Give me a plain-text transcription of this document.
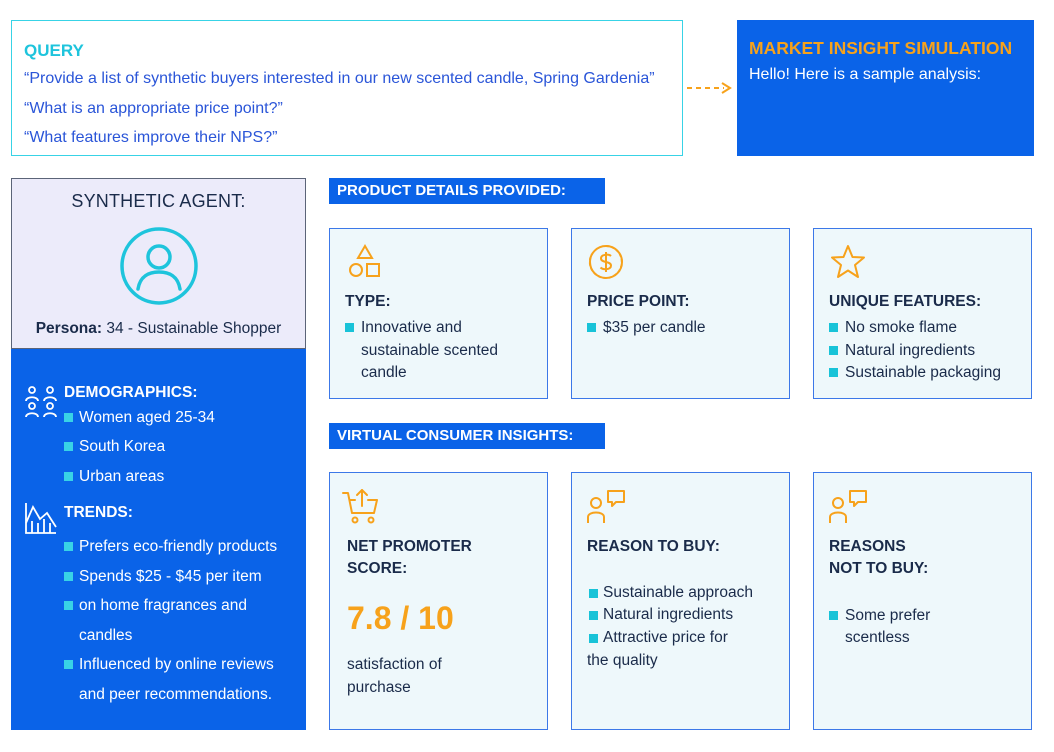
QUERY
“Provide a list of synthetic buyers interested in our new scented candle, Spring Gardenia”
“What is an appropriate price point?”
“What features improve their NPS?”
MARKET INSIGHT SIMULATION
Hello! Here is a sample analysis:
SYNTHETIC AGENT:
Persona: 34 - Sustainable Shopper
DEMOGRAPHICS:
Women aged 25-34
South Korea
Urban areas
TRENDS:
Prefers eco-friendly products
Spends $25 - $45 per item
on home fragrances and
candles
Influenced by online reviews
and peer recommendations.
PRODUCT DETAILS PROVIDED:
TYPE:
Innovative and
sustainable scented
candle
PRICE POINT:
$35 per candle
UNIQUE FEATURES:
No smoke flame
Natural ingredients
Sustainable packaging
VIRTUAL CONSUMER INSIGHTS:
NET PROMOTER
SCORE:
7.8 / 10
satisfaction of
purchase
REASON TO BUY:
Sustainable approach
Natural ingredients
Attractive price for
the quality
REASONS
NOT TO BUY:
Some prefer
scentless
